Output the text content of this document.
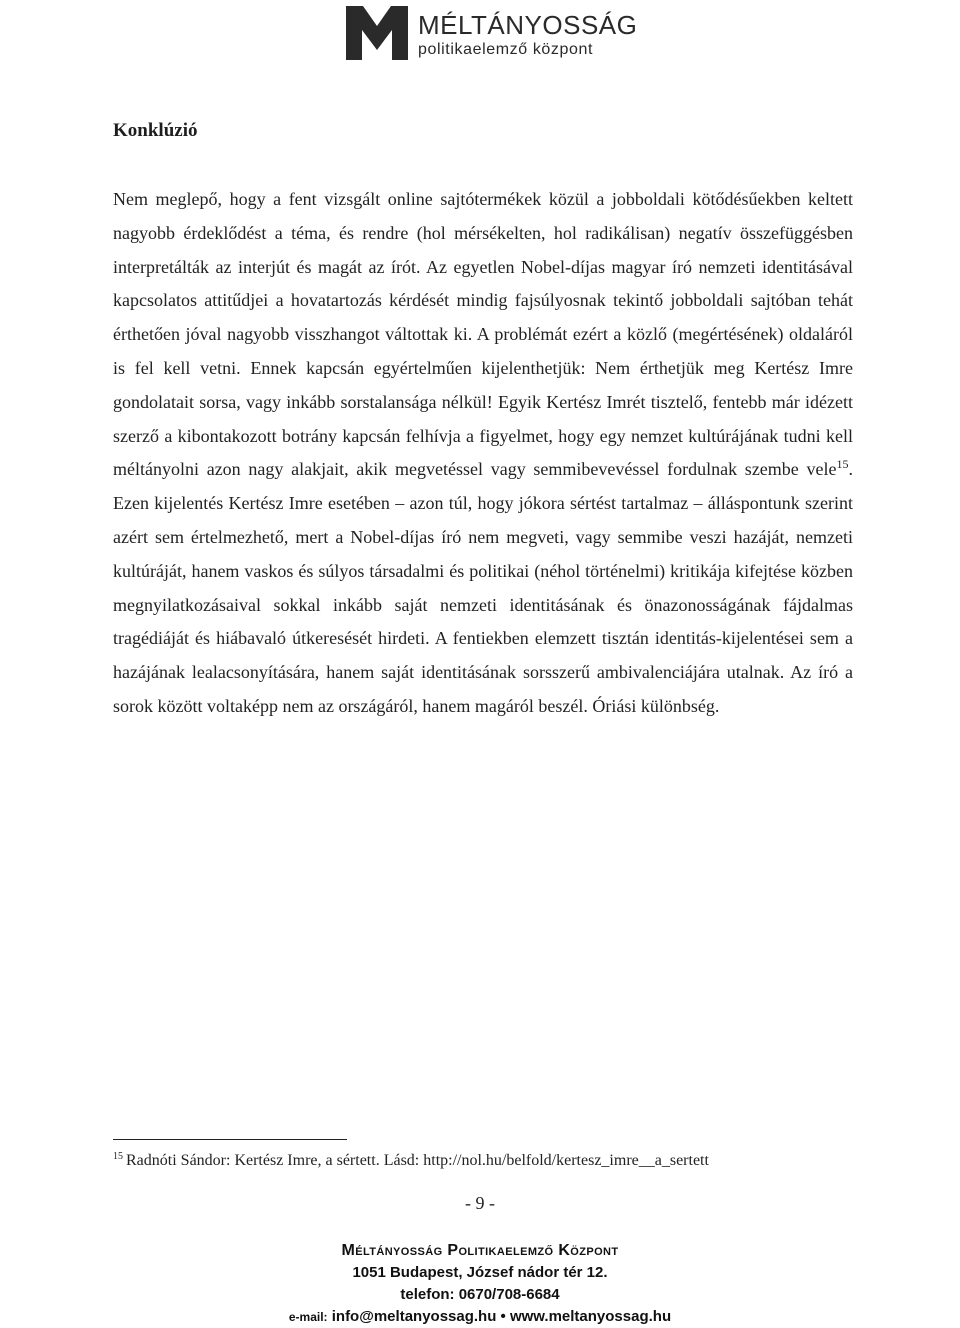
MÉLTÁNYOSSÁG
politikaelemző központ
Konklúzió

Nem meglepő, hogy a fent vizsgált online sajtótermékek közül a jobboldali kötődésűekben keltett nagyobb érdeklődést a téma, és rendre (hol mérsékelten, hol radikálisan) negatív összefüggésben interpretálták az interjút és magát az írót. Az egyetlen Nobel-díjas magyar író nemzeti identitásával kapcsolatos attitűdjei a hovatartozás kérdését mindig fajsúlyosnak tekintő jobboldali sajtóban tehát érthetően jóval nagyobb visszhangot váltottak ki. A problémát ezért a közlő (megértésének) oldaláról is fel kell vetni. Ennek kapcsán egyértelműen kijelenthetjük: Nem érthetjük meg Kertész Imre gondolatait sorsa, vagy inkább sorstalansága nélkül! Egyik Kertész Imrét tisztelő, fentebb már idézett szerző a kibontakozott botrány kapcsán felhívja a figyelmet, hogy egy nemzet kultúrájának tudni kell méltányolni azon nagy alakjait, akik megvetéssel vagy semmibevevéssel fordulnak szembe vele$^{15}$. Ezen kijelentés Kertész Imre esetében – azon túl, hogy jókora sértést tartalmaz – álláspontunk szerint azért sem értelmezhető, mert a Nobel-díjas író nem megveti, vagy semmibe veszi hazáját, nemzeti kultúráját, hanem vaskos és súlyos társadalmi és politikai (néhol történelmi) kritikája kifejtése közben megnyilatkozásaival sokkal inkább saját nemzeti identitásának és önazonosságának fájdalmas tragédiáját és hiábavaló útkeresését hirdeti. A fentiekben elemzett tisztán identitás-kijelentései sem a hazájának lealacsonyítására, hanem saját identitásának sorsszerű ambivalenciájára utalnak. Az író a sorok között voltaképp nem az országáról, hanem magáról beszél. Óriási különbség.

$^{15}$ Radnóti Sándor: Kertész Imre, a sértett. Lásd: http://nol.hu/belfold/kertesz_imre__a_sertett
- 9 -
Méltányosság Politikaelemző Központ
1051 Budapest, József nádor tér 12.
telefon: 0670/708-6684
e-mail: info@meltanyossag.hu • www.meltanyossag.hu
